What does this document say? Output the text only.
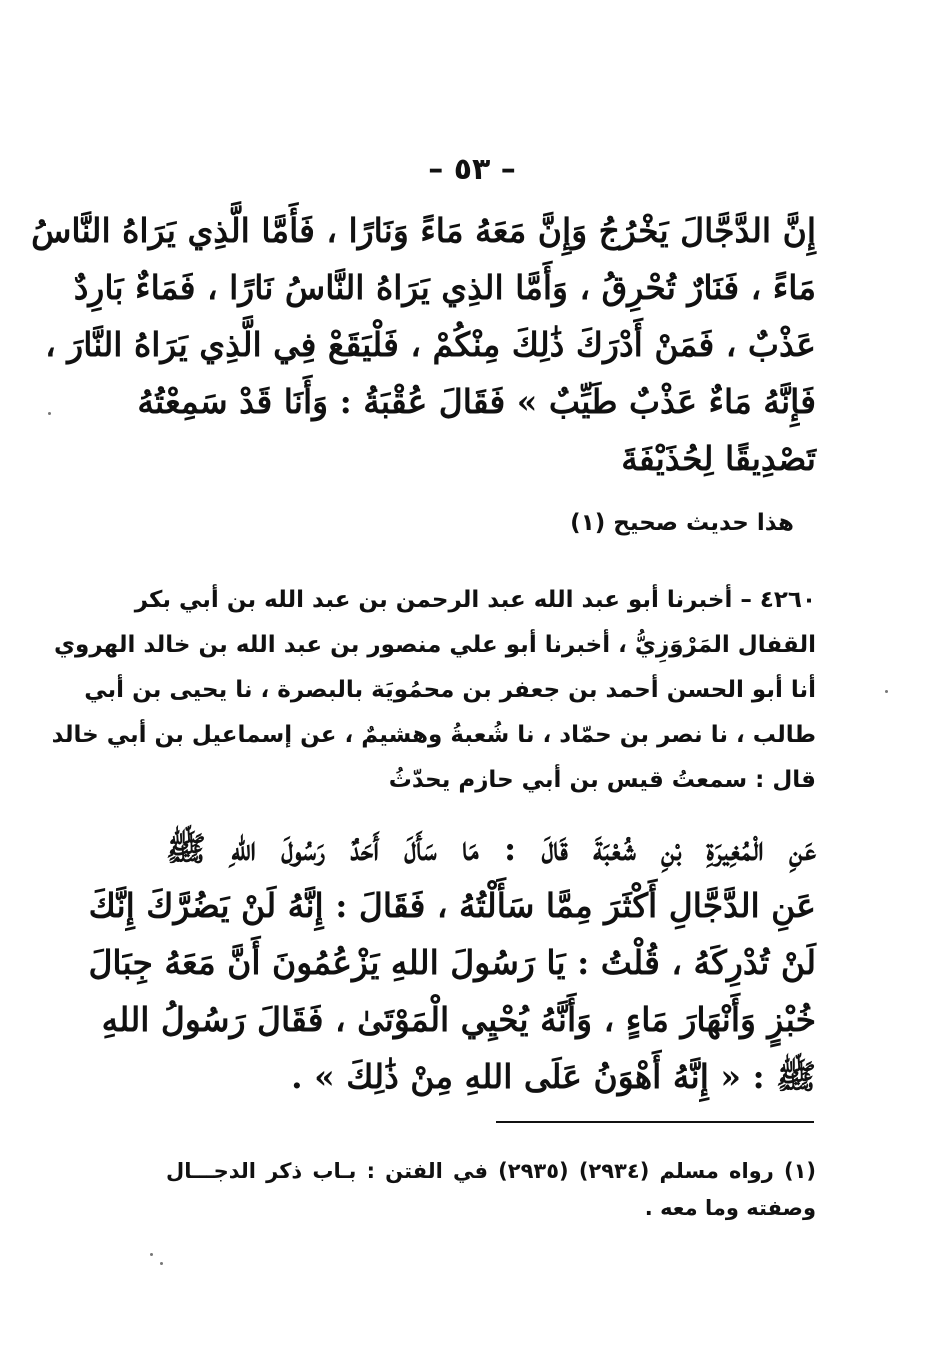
– ٥٣ –
إِنَّ الدَّجَّالَ يَخْرُجُ وَإِنَّ مَعَهُ مَاءً وَنَارًا ، فَأَمَّا الَّذِي يَرَاهُ النَّاسُ
مَاءً ، فَنَارٌ تُحْرِقُ ، وَأَمَّا الذِي يَرَاهُ النَّاسُ نَارًا ، فَمَاءٌ بَارِدٌ
عَذْبٌ ، فَمَنْ أَدْرَكَ ذَٰلِكَ مِنْكُمْ ، فَلْيَقَعْ فِي الَّذِي يَرَاهُ النَّارَ ،
فَإِنَّهُ مَاءٌ عَذْبٌ طَيِّبٌ » فَقَالَ عُقْبَةُ : وَأَنَا قَدْ سَمِعْتُهُ
تَصْدِيقًا لِحُذَيْفَةَ
هذا حديث صحيح (١)
٤٢٦٠ – أخبرنا أبو عبد الله عبد الرحمن بن عبد الله بن أبي بكر
القفال المَرْوَزِيُّ ، أخبرنا أبو علي منصور بن عبد الله بن خالد الهروي
أنا أبو الحسن أحمد بن جعفر بن محمُويَة بالبصرة ، نا يحيى بن أبي
طالب ، نا نصر بن حمّاد ، نا شُعبةُ وهشيمٌ ، عن إسماعيل بن أبي خالد
قال : سمعتُ قيس بن أبي حازم يحدّثُ
عَنِ الْمُغِيرَةِ بْنِ شُعْبَةَ قَالَ : مَا سَأَلَ أَحَدٌ رَسُولَ اللهِ ﷺ
عَنِ الدَّجَّالِ أَكْثَرَ مِمَّا سَأَلْتُهُ ، فَقَالَ : إِنَّهُ لَنْ يَضُرَّكَ إِنَّكَ
لَنْ تُدْرِكَهُ ، قُلْتُ : يَا رَسُولَ اللهِ يَزْعُمُونَ أَنَّ مَعَهُ جِبَالَ
خُبْزٍ وَأَنْهَارَ مَاءٍ ، وَأَنَّهُ يُحْيِي الْمَوْتَىٰ ، فَقَالَ رَسُولُ اللهِ
ﷺ : « إِنَّهُ أَهْوَنُ عَلَى اللهِ مِنْ ذَٰلِكَ » .
(١) رواه مسلم (٢٩٣٤) (٢٩٣٥) في الفتن : بـاب ذكر الدجـــال
وصفته وما معه .
